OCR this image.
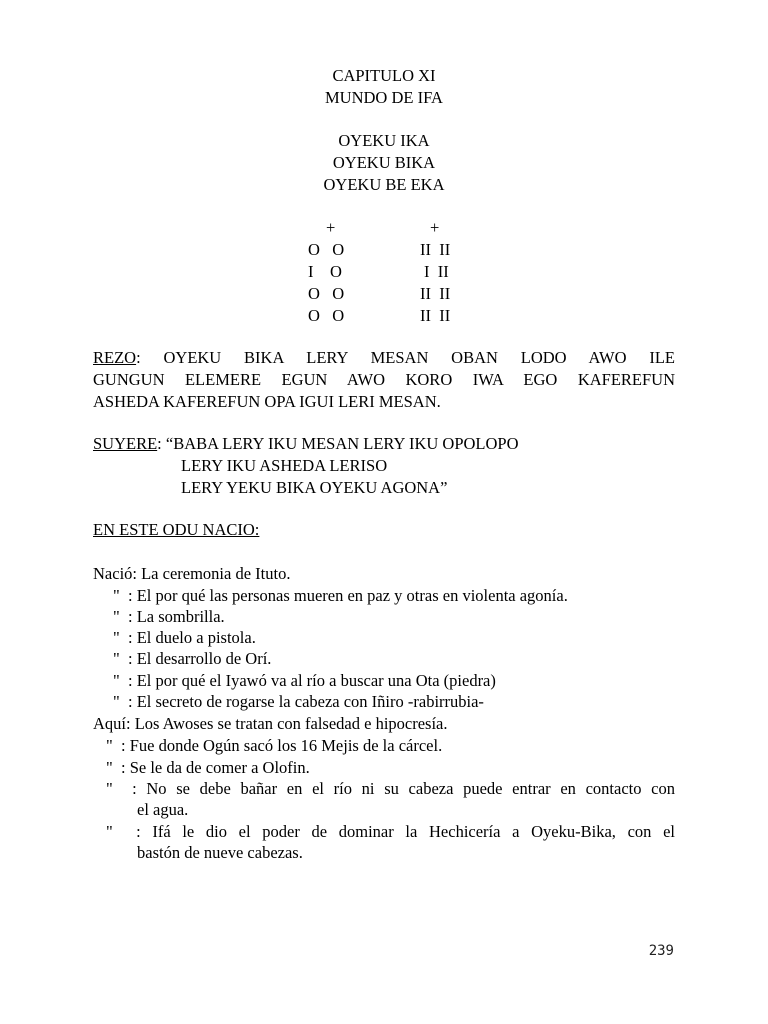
CAPITULO XI
MUNDO DE IFA
OYEKU IKA
OYEKU BIKA
OYEKU BE EKA
+	+
O   O
I    O
O   O
O   O
II  II
I  II
II  II
II  II
REZO: OYEKU BIKA LERY MESAN OBAN LODO AWO ILE
GUNGUN ELEMERE EGUN AWO KORO IWA EGO KAFEREFUN
ASHEDA KAFEREFUN OPA IGUI LERI MESAN.
SUYERE: “BABA LERY IKU MESAN LERY IKU OPOLOPO
LERY IKU ASHEDA LERISO
LERY YEKU BIKA OYEKU AGONA”
EN ESTE ODU NACIO:
Nació: La ceremonia de Ituto.
"  : El por qué las personas mueren en paz y otras en violenta agonía.
"  : La sombrilla.
"  : El duelo a pistola.
"  : El desarrollo de Orí.
"  : El por qué el Iyawó va al río a buscar una Ota (piedra)
"  : El secreto de rogarse la cabeza con Iñiro -rabirrubia-
Aquí: Los Awoses se tratan con falsedad e hipocresía.
"  : Fue donde Ogún sacó los 16 Mejis de la cárcel.
"  : Se le da de comer a Olofin.
"  : No se debe bañar en el río ni su cabeza puede entrar en contacto con
el agua.
"  : Ifá le dio el poder de dominar la Hechicería a Oyeku-Bika, con el
bastón de nueve cabezas.
239
